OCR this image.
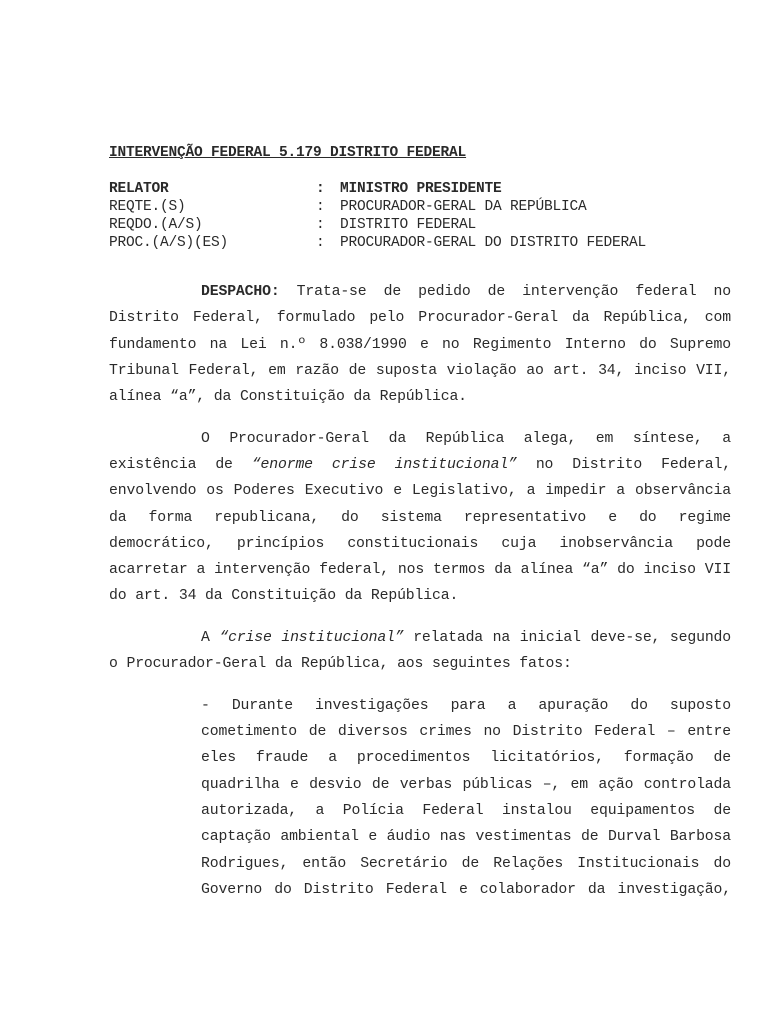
INTERVENÇÃO FEDERAL 5.179 DISTRITO FEDERAL
RELATOR	:	MINISTRO PRESIDENTE
REQTE.(S)	:	PROCURADOR-GERAL DA REPÚBLICA
REQDO.(A/S)	:	DISTRITO FEDERAL
PROC.(A/S)(ES)	:	PROCURADOR-GERAL DO DISTRITO FEDERAL

DESPACHO: Trata-se de pedido de intervenção federal no Distrito Federal, formulado pelo Procurador-Geral da República, com fundamento na Lei n.º 8.038/1990 e no Regimento Interno do Supremo Tribunal Federal, em razão de suposta violação ao art. 34, inciso VII, alínea “a”, da Constituição da República.

O Procurador-Geral da República alega, em síntese, a existência de “enorme crise institucional” no Distrito Federal, envolvendo os Poderes Executivo e Legislativo, a impedir a observância da forma republicana, do sistema representativo e do regime democrático, princípios constitucionais cuja inobservância pode acarretar a intervenção federal, nos termos da alínea “a” do inciso VII do art. 34 da Constituição da República.

A “crise institucional” relatada na inicial deve-se, segundo o Procurador-Geral da República, aos seguintes fatos:

- Durante investigações para a apuração do suposto cometimento de diversos crimes no Distrito Federal – entre eles fraude a procedimentos licitatórios, formação de quadrilha e desvio de verbas públicas –, em ação controlada autorizada, a Polícia Federal instalou equipamentos de captação ambiental e áudio nas vestimentas de Durval Barbosa Rodrigues, então Secretário de Relações Institucionais do Governo do Distrito Federal e colaborador da investigação,
